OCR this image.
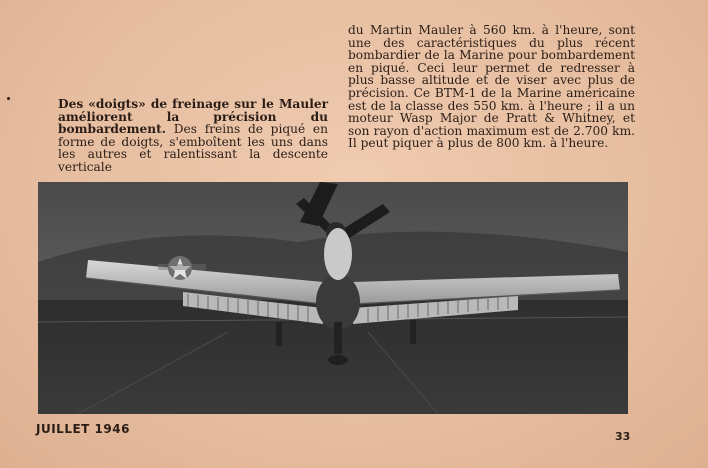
Des «doigts» de freinage sur le Mauler améliorent la précision du bombardement. Des freins de piqué en forme de doigts, s'emboîtent les uns dans les autres et ralentissant la descente verticale
du Martin Mauler à 560 km. à l'heure, sont une des caractéristiques du plus récent bombardier de la Marine pour bombardement en piqué. Ceci leur permet de redresser à plus basse altitude et de viser avec plus de précision. Ce BTM-1 de la Marine américaine est de la classe des 550 km. à l'heure ; il a un moteur Wasp Major de Pratt & Whitney, et son rayon d'action maximum est de 2.700 km. Il peut piquer à plus de 800 km. à l'heure.
JUILLET 1946
33
